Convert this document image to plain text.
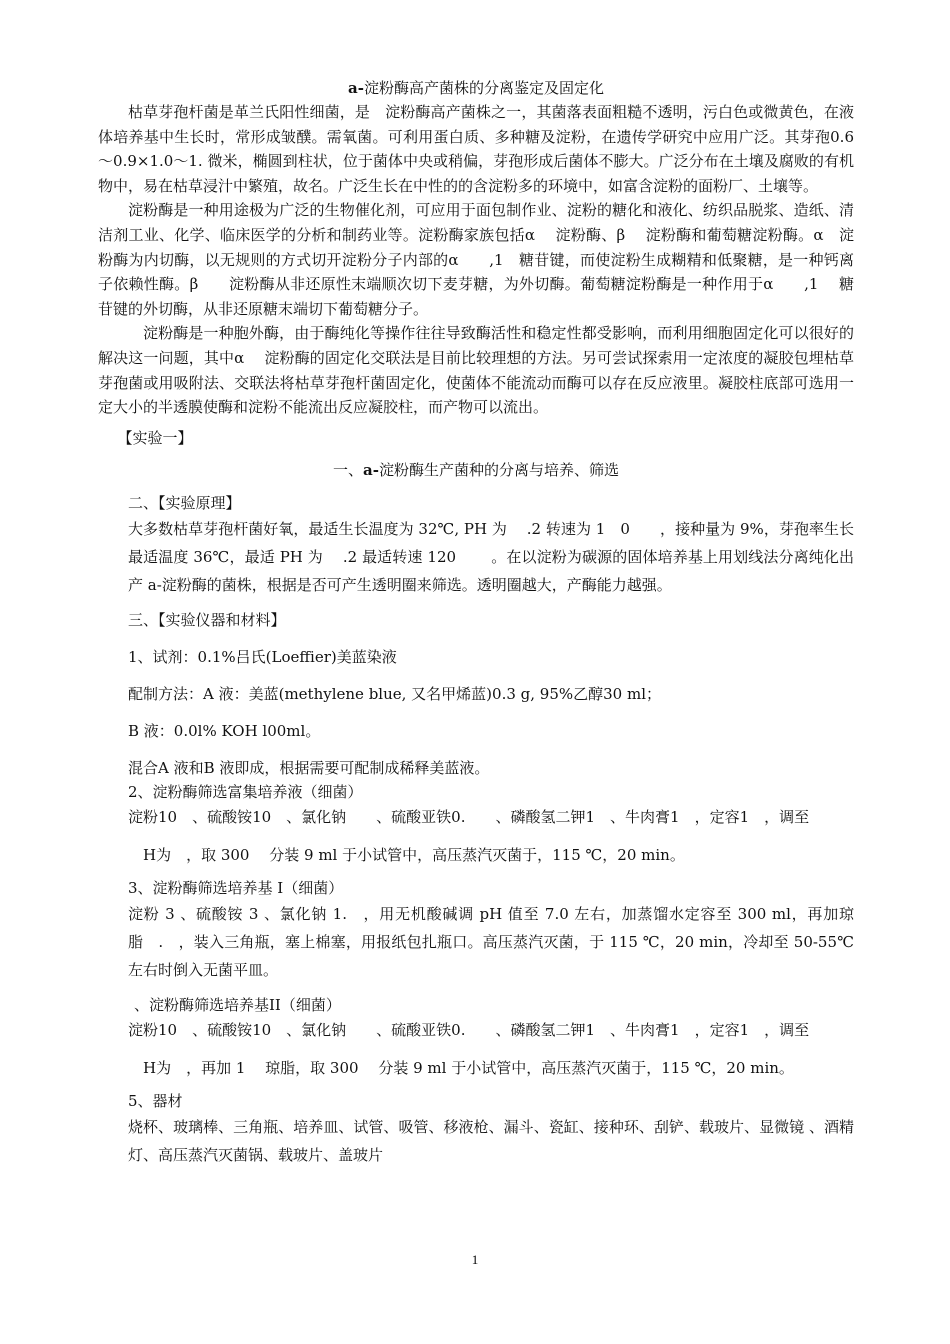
a-淀粉酶高产菌株的分离鉴定及固定化

枯草芽孢杆菌是革兰氏阳性细菌，是　淀粉酶高产菌株之一，其菌落表面粗糙不透明，污白色或微黄色，在液体培养基中生长时，常形成皱醭。需氧菌。可利用蛋白质、多种糖及淀粉，在遗传学研究中应用广泛。其芽孢0.6～0.9×1.0～1. 微米，椭圆到柱状，位于菌体中央或稍偏，芽孢形成后菌体不膨大。广泛分布在土壤及腐败的有机物中，易在枯草浸汁中繁殖，故名。广泛生长在中性的的含淀粉多的环境中，如富含淀粉的面粉厂、土壤等。

淀粉酶是一种用途极为广泛的生物催化剂，可应用于面包制作业、淀粉的糖化和液化、纺织品脱浆、造纸、清洁剂工业、化学、临床医学的分析和制药业等。淀粉酶家族包括α　 淀粉酶、β　 淀粉酶和葡萄糖淀粉酶。α　淀粉酶为内切酶，以无规则的方式切开淀粉分子内部的α　　,1　糖苷键，而使淀粉生成糊精和低聚糖，是一种钙离子依赖性酶。β　　淀粉酶从非还原性末端顺次切下麦芽糖，为外切酶。葡萄糖淀粉酶是一种作用于α　　,1　 糖苷键的外切酶，从非还原糖末端切下葡萄糖分子。

淀粉酶是一种胞外酶，由于酶纯化等操作往往导致酶活性和稳定性都受影响，而利用细胞固定化可以很好的解决这一问题，其中α　 淀粉酶的固定化交联法是目前比较理想的方法。另可尝试探索用一定浓度的凝胶包埋枯草芽孢菌或用吸附法、交联法将枯草芽孢杆菌固定化，使菌体不能流动而酶可以存在反应液里。凝胶柱底部可选用一定大小的半透膜使酶和淀粉不能流出反应凝胶柱，而产物可以流出。

【实验一】

一、a-淀粉酶生产菌种的分离与培养、筛选

二、【实验原理】

大多数枯草芽孢杆菌好氧，最适生长温度为 32℃, PH 为　 .2 转速为 1　0　　，接种量为 9%，芽孢率生长最适温度 36℃，最适 PH 为　 .2 最适转速 120　　 。在以淀粉为碳源的固体培养基上用划线法分离纯化出产 a-淀粉酶的菌株，根据是否可产生透明圈来筛选。透明圈越大，产酶能力越强。

三、【实验仪器和材料】

1、试剂：0.1%吕氏(Loeffier)美蓝染液

配制方法：A 液：美蓝(methylene blue, 又名甲烯蓝)0.3 g, 95%乙醇30 ml；

B 液：0.0l% KOH l00ml。

混合A 液和B 液即成，根据需要可配制成稀释美蓝液。

2、淀粉酶筛选富集培养液（细菌）

淀粉10　、硫酸铵10　、氯化钠　　、硫酸亚铁0.　　、磷酸氢二钾1　、牛肉膏1　，定容1　，调至

H为　，取 300　 分装 9 ml 于小试管中，高压蒸汽灭菌于，115 ℃，20 min。

3、淀粉酶筛选培养基 I（细菌）

淀粉 3 、硫酸铵 3 、氯化钠 1.　，用无机酸碱调 pH 值至 7.0 左右，加蒸馏水定容至 300 ml，再加琼脂　.　，装入三角瓶，塞上棉塞，用报纸包扎瓶口。高压蒸汽灭菌，于 115 ℃，20 min，冷却至 50-55℃左右时倒入无菌平皿。

、淀粉酶筛选培养基II（细菌）

淀粉10　、硫酸铵10　、氯化钠　　、硫酸亚铁0.　　、磷酸氢二钾1　、牛肉膏1　，定容1　，调至

H为　，再加 1　 琼脂，取 300　 分装 9 ml 于小试管中，高压蒸汽灭菌于，115 ℃，20 min。

5、器材

烧杯、玻璃棒、三角瓶、培养皿、试管、吸管、移液枪、漏斗、瓷缸、接种环、刮铲、载玻片、显微镜 、酒精灯、高压蒸汽灭菌锅、载玻片、盖玻片

1
